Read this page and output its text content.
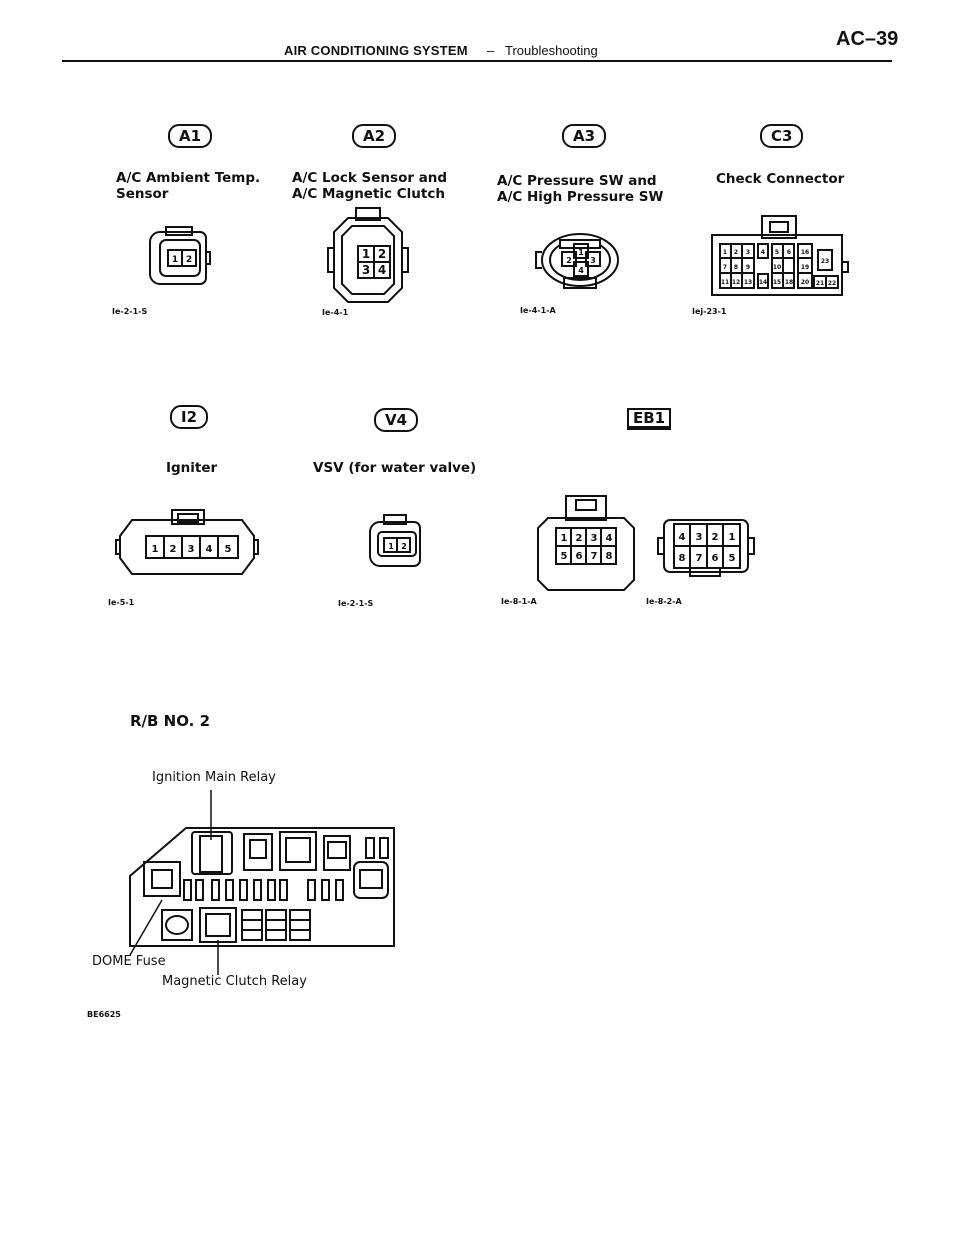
AIR CONDITIONING SYSTEM – Troubleshooting
AC–39
A1
A/C Ambient Temp.
Sensor
Ie-2-1-S
A2
A/C Lock Sensor and
A/C Magnetic Clutch
Ie-4-1
A3
A/C Pressure SW and
A/C High Pressure SW
Ie-4-1-A
C3
Check Connector
Iej-23-1
I2
Igniter
Ie-5-1
V4
VSV (for water valve)
Ie-2-1-S
EB1
Ie-8-1-A	Ie-8-2-A
R/B NO. 2
Ignition Main Relay
DOME Fuse
Magnetic Clutch Relay
BE6625
1 2	1 2
3 4
1
2 3
4
1 2 3 4 5 6 16
7 8 9	10
11 12 13 14 15 18
19
20 21 22
23
1 2 3 4 5	1 2
1 2 3 4
5 6 7 8
4 3 2 1
8 7 6 5
